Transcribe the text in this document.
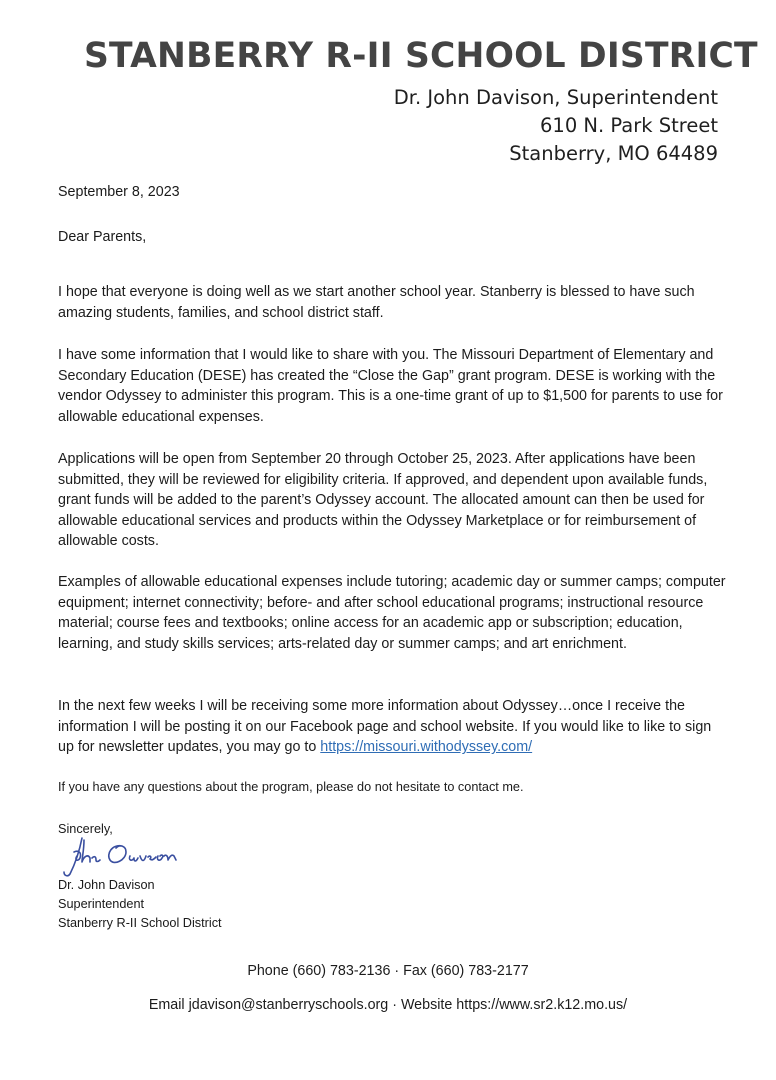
STANBERRY R-II SCHOOL DISTRICT
Dr. John Davison, Superintendent
610 N. Park Street
Stanberry, MO 64489
September 8, 2023
Dear Parents,

I hope that everyone is doing well as we start another school year. Stanberry is blessed to have such amazing students, families, and school district staff.

I have some information that I would like to share with you. The Missouri Department of Elementary and Secondary Education (DESE) has created the “Close the Gap” grant program. DESE is working with the vendor Odyssey to administer this program. This is a one-time grant of up to $1,500 for parents to use for allowable educational expenses.

Applications will be open from September 20 through October 25, 2023. After applications have been submitted, they will be reviewed for eligibility criteria. If approved, and dependent upon available funds, grant funds will be added to the parent’s Odyssey account. The allocated amount can then be used for allowable educational services and products within the Odyssey Marketplace or for reimbursement of allowable costs.

Examples of allowable educational expenses include tutoring; academic day or summer camps; computer equipment; internet connectivity; before- and after school educational programs; instructional resource material; course fees and textbooks; online access for an academic app or subscription; education, learning, and study skills services; arts-related day or summer camps; and art enrichment.

In the next few weeks I will be receiving some more information about Odyssey…once I receive the information I will be posting it on our Facebook page and school website. If you would like to like to sign up for newsletter updates, you may go to https://missouri.withodyssey.com/

If you have any questions about the program, please do not hesitate to contact me.

Sincerely,
Dr. John Davison
Superintendent
Stanberry R-II School District
Phone (660) 783-2136 · Fax (660) 783-2177
Email jdavison@stanberryschools.org · Website https://www.sr2.k12.mo.us/
